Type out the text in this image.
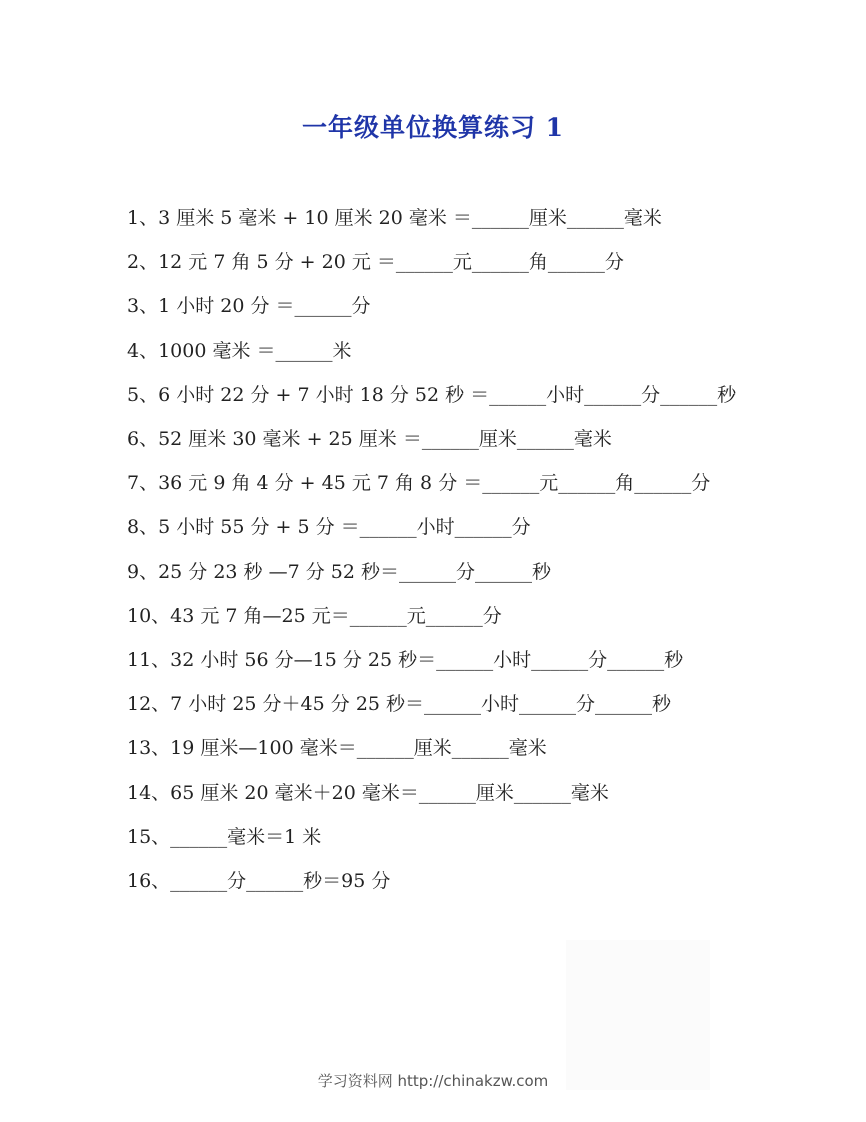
一年级单位换算练习 1

1、3 厘米 5 毫米 + 10 厘米 20 毫米 ＝______厘米______毫米

2、12 元 7 角 5 分 + 20 元 ＝______元______角______分

3、1 小时 20 分 ＝______分

4、1000 毫米 ＝______米

5、6 小时 22 分 + 7 小时 18 分 52 秒 ＝______小时______分______秒

6、52 厘米 30 毫米 + 25 厘米 ＝______厘米______毫米

7、36 元 9 角 4 分 + 45 元 7 角 8 分 ＝______元______角______分

8、5 小时 55 分 + 5 分 ＝______小时______分

9、25 分 23 秒 —7 分 52 秒＝______分______秒

10、43 元 7 角—25 元＝______元______分

11、32 小时 56 分—15 分 25 秒＝______小时______分______秒

12、7 小时 25 分＋45 分 25 秒＝______小时______分______秒

13、19 厘米—100 毫米＝______厘米______毫米

14、65 厘米 20 毫米＋20 毫米＝______厘米______毫米

15、______毫米＝1 米

16、______分______秒＝95 分

学习资料网 http://chinakzw.com
